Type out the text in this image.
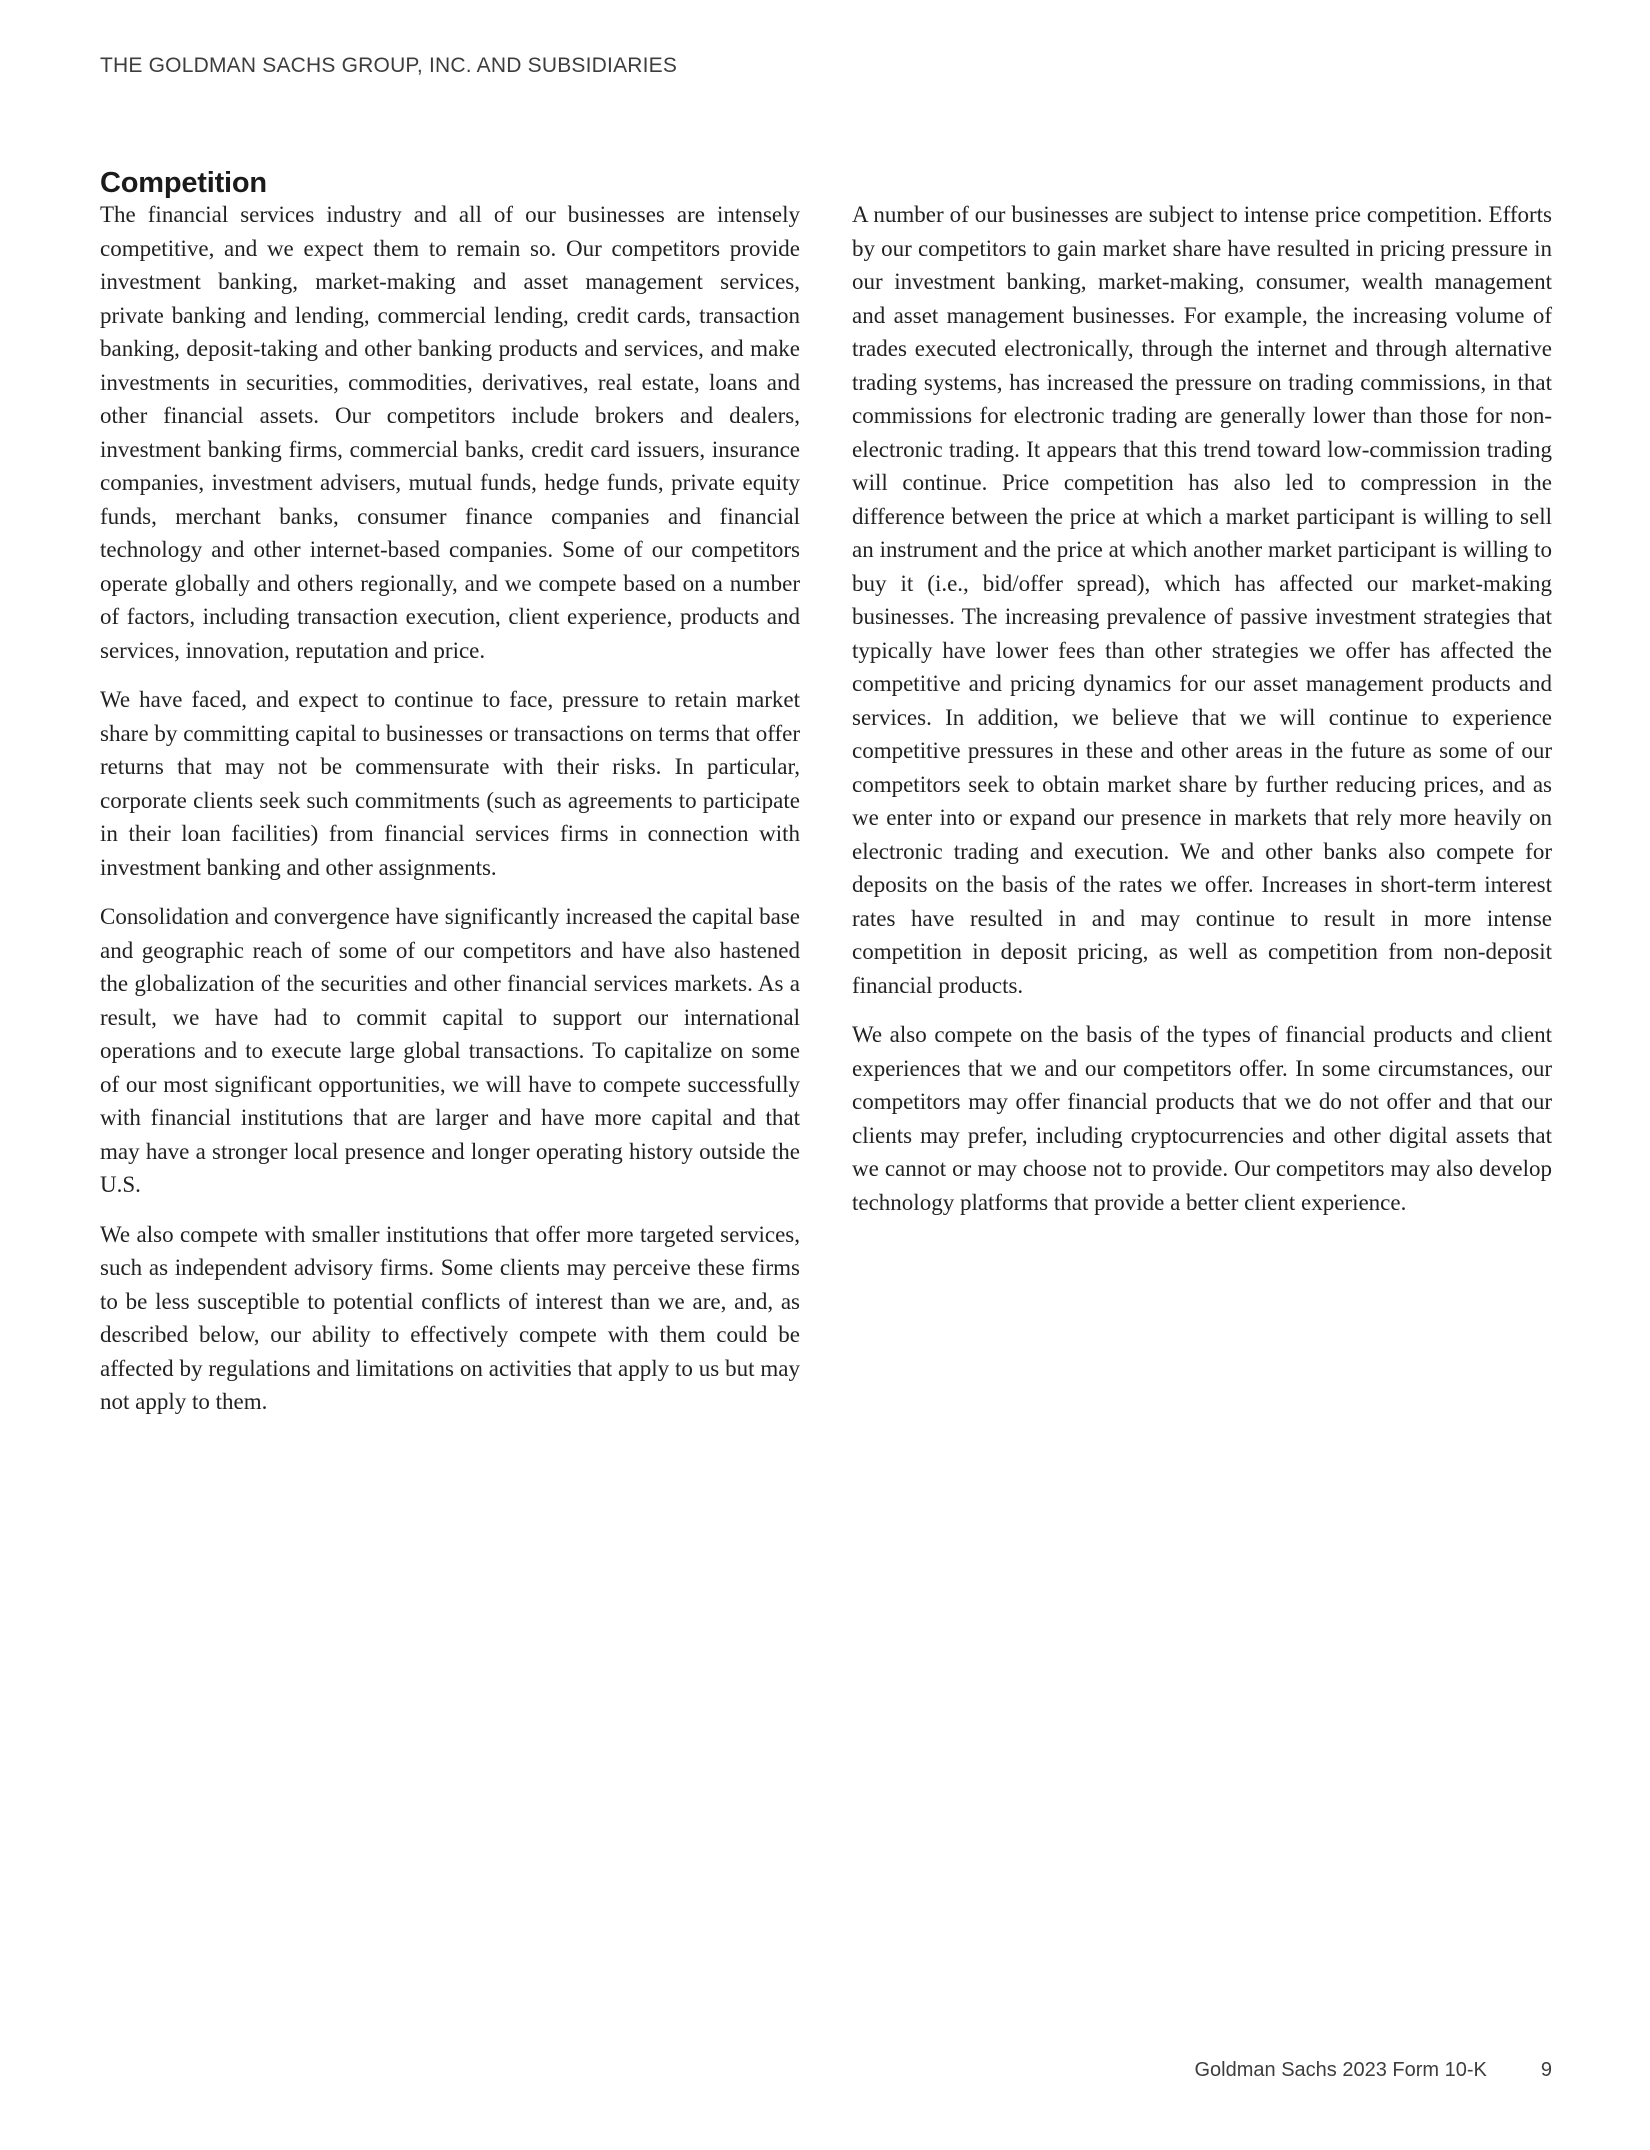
THE GOLDMAN SACHS GROUP, INC. AND SUBSIDIARIES
Competition

The financial services industry and all of our businesses are intensely competitive, and we expect them to remain so. Our competitors provide investment banking, market-making and asset management services, private banking and lending, commercial lending, credit cards, transaction banking, deposit-taking and other banking products and services, and make investments in securities, commodities, derivatives, real estate, loans and other financial assets. Our competitors include brokers and dealers, investment banking firms, commercial banks, credit card issuers, insurance companies, investment advisers, mutual funds, hedge funds, private equity funds, merchant banks, consumer finance companies and financial technology and other internet-based companies. Some of our competitors operate globally and others regionally, and we compete based on a number of factors, including transaction execution, client experience, products and services, innovation, reputation and price.

We have faced, and expect to continue to face, pressure to retain market share by committing capital to businesses or transactions on terms that offer returns that may not be commensurate with their risks. In particular, corporate clients seek such commitments (such as agreements to participate in their loan facilities) from financial services firms in connection with investment banking and other assignments.

Consolidation and convergence have significantly increased the capital base and geographic reach of some of our competitors and have also hastened the globalization of the securities and other financial services markets. As a result, we have had to commit capital to support our international operations and to execute large global transactions. To capitalize on some of our most significant opportunities, we will have to compete successfully with financial institutions that are larger and have more capital and that may have a stronger local presence and longer operating history outside the U.S.

We also compete with smaller institutions that offer more targeted services, such as independent advisory firms. Some clients may perceive these firms to be less susceptible to potential conflicts of interest than we are, and, as described below, our ability to effectively compete with them could be affected by regulations and limitations on activities that apply to us but may not apply to them.

A number of our businesses are subject to intense price competition. Efforts by our competitors to gain market share have resulted in pricing pressure in our investment banking, market-making, consumer, wealth management and asset management businesses. For example, the increasing volume of trades executed electronically, through the internet and through alternative trading systems, has increased the pressure on trading commissions, in that commissions for electronic trading are generally lower than those for non-electronic trading. It appears that this trend toward low-commission trading will continue. Price competition has also led to compression in the difference between the price at which a market participant is willing to sell an instrument and the price at which another market participant is willing to buy it (i.e., bid/offer spread), which has affected our market-making businesses. The increasing prevalence of passive investment strategies that typically have lower fees than other strategies we offer has affected the competitive and pricing dynamics for our asset management products and services. In addition, we believe that we will continue to experience competitive pressures in these and other areas in the future as some of our competitors seek to obtain market share by further reducing prices, and as we enter into or expand our presence in markets that rely more heavily on electronic trading and execution. We and other banks also compete for deposits on the basis of the rates we offer. Increases in short-term interest rates have resulted in and may continue to result in more intense competition in deposit pricing, as well as competition from non-deposit financial products.

We also compete on the basis of the types of financial products and client experiences that we and our competitors offer. In some circumstances, our competitors may offer financial products that we do not offer and that our clients may prefer, including cryptocurrencies and other digital assets that we cannot or may choose not to provide. Our competitors may also develop technology platforms that provide a better client experience.

Goldman Sachs 2023 Form 10-K	9
